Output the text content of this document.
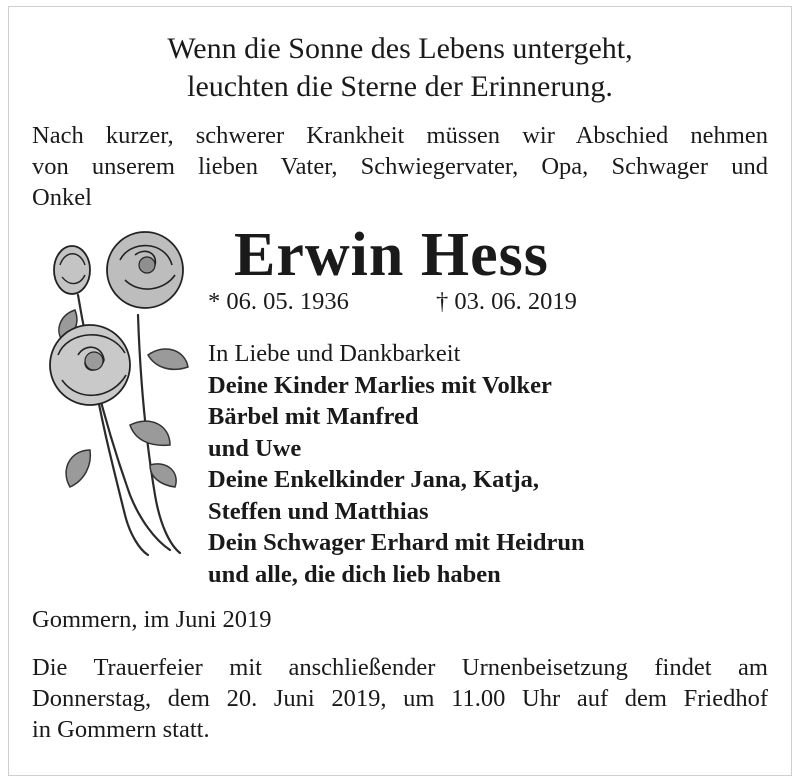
Wenn die Sonne des Lebens untergeht,
leuchten die Sterne der Erinnerung.
Nach kurzer, schwerer Krankheit müssen wir Abschied nehmen
von unserem lieben Vater, Schwiegervater, Opa, Schwager und
Onkel
Erwin Hess
* 06. 05. 1936	† 03. 06. 2019
In Liebe und Dankbarkeit
Deine Kinder Marlies mit Volker
Bärbel mit Manfred
und Uwe
Deine Enkelkinder Jana, Katja,
Steffen und Matthias
Dein Schwager Erhard mit Heidrun
und alle, die dich lieb haben
Gommern, im Juni 2019
Die Trauerfeier mit anschließender Urnenbeisetzung findet am
Donnerstag, dem 20. Juni 2019, um 11.00 Uhr auf dem Friedhof
in Gommern statt.
